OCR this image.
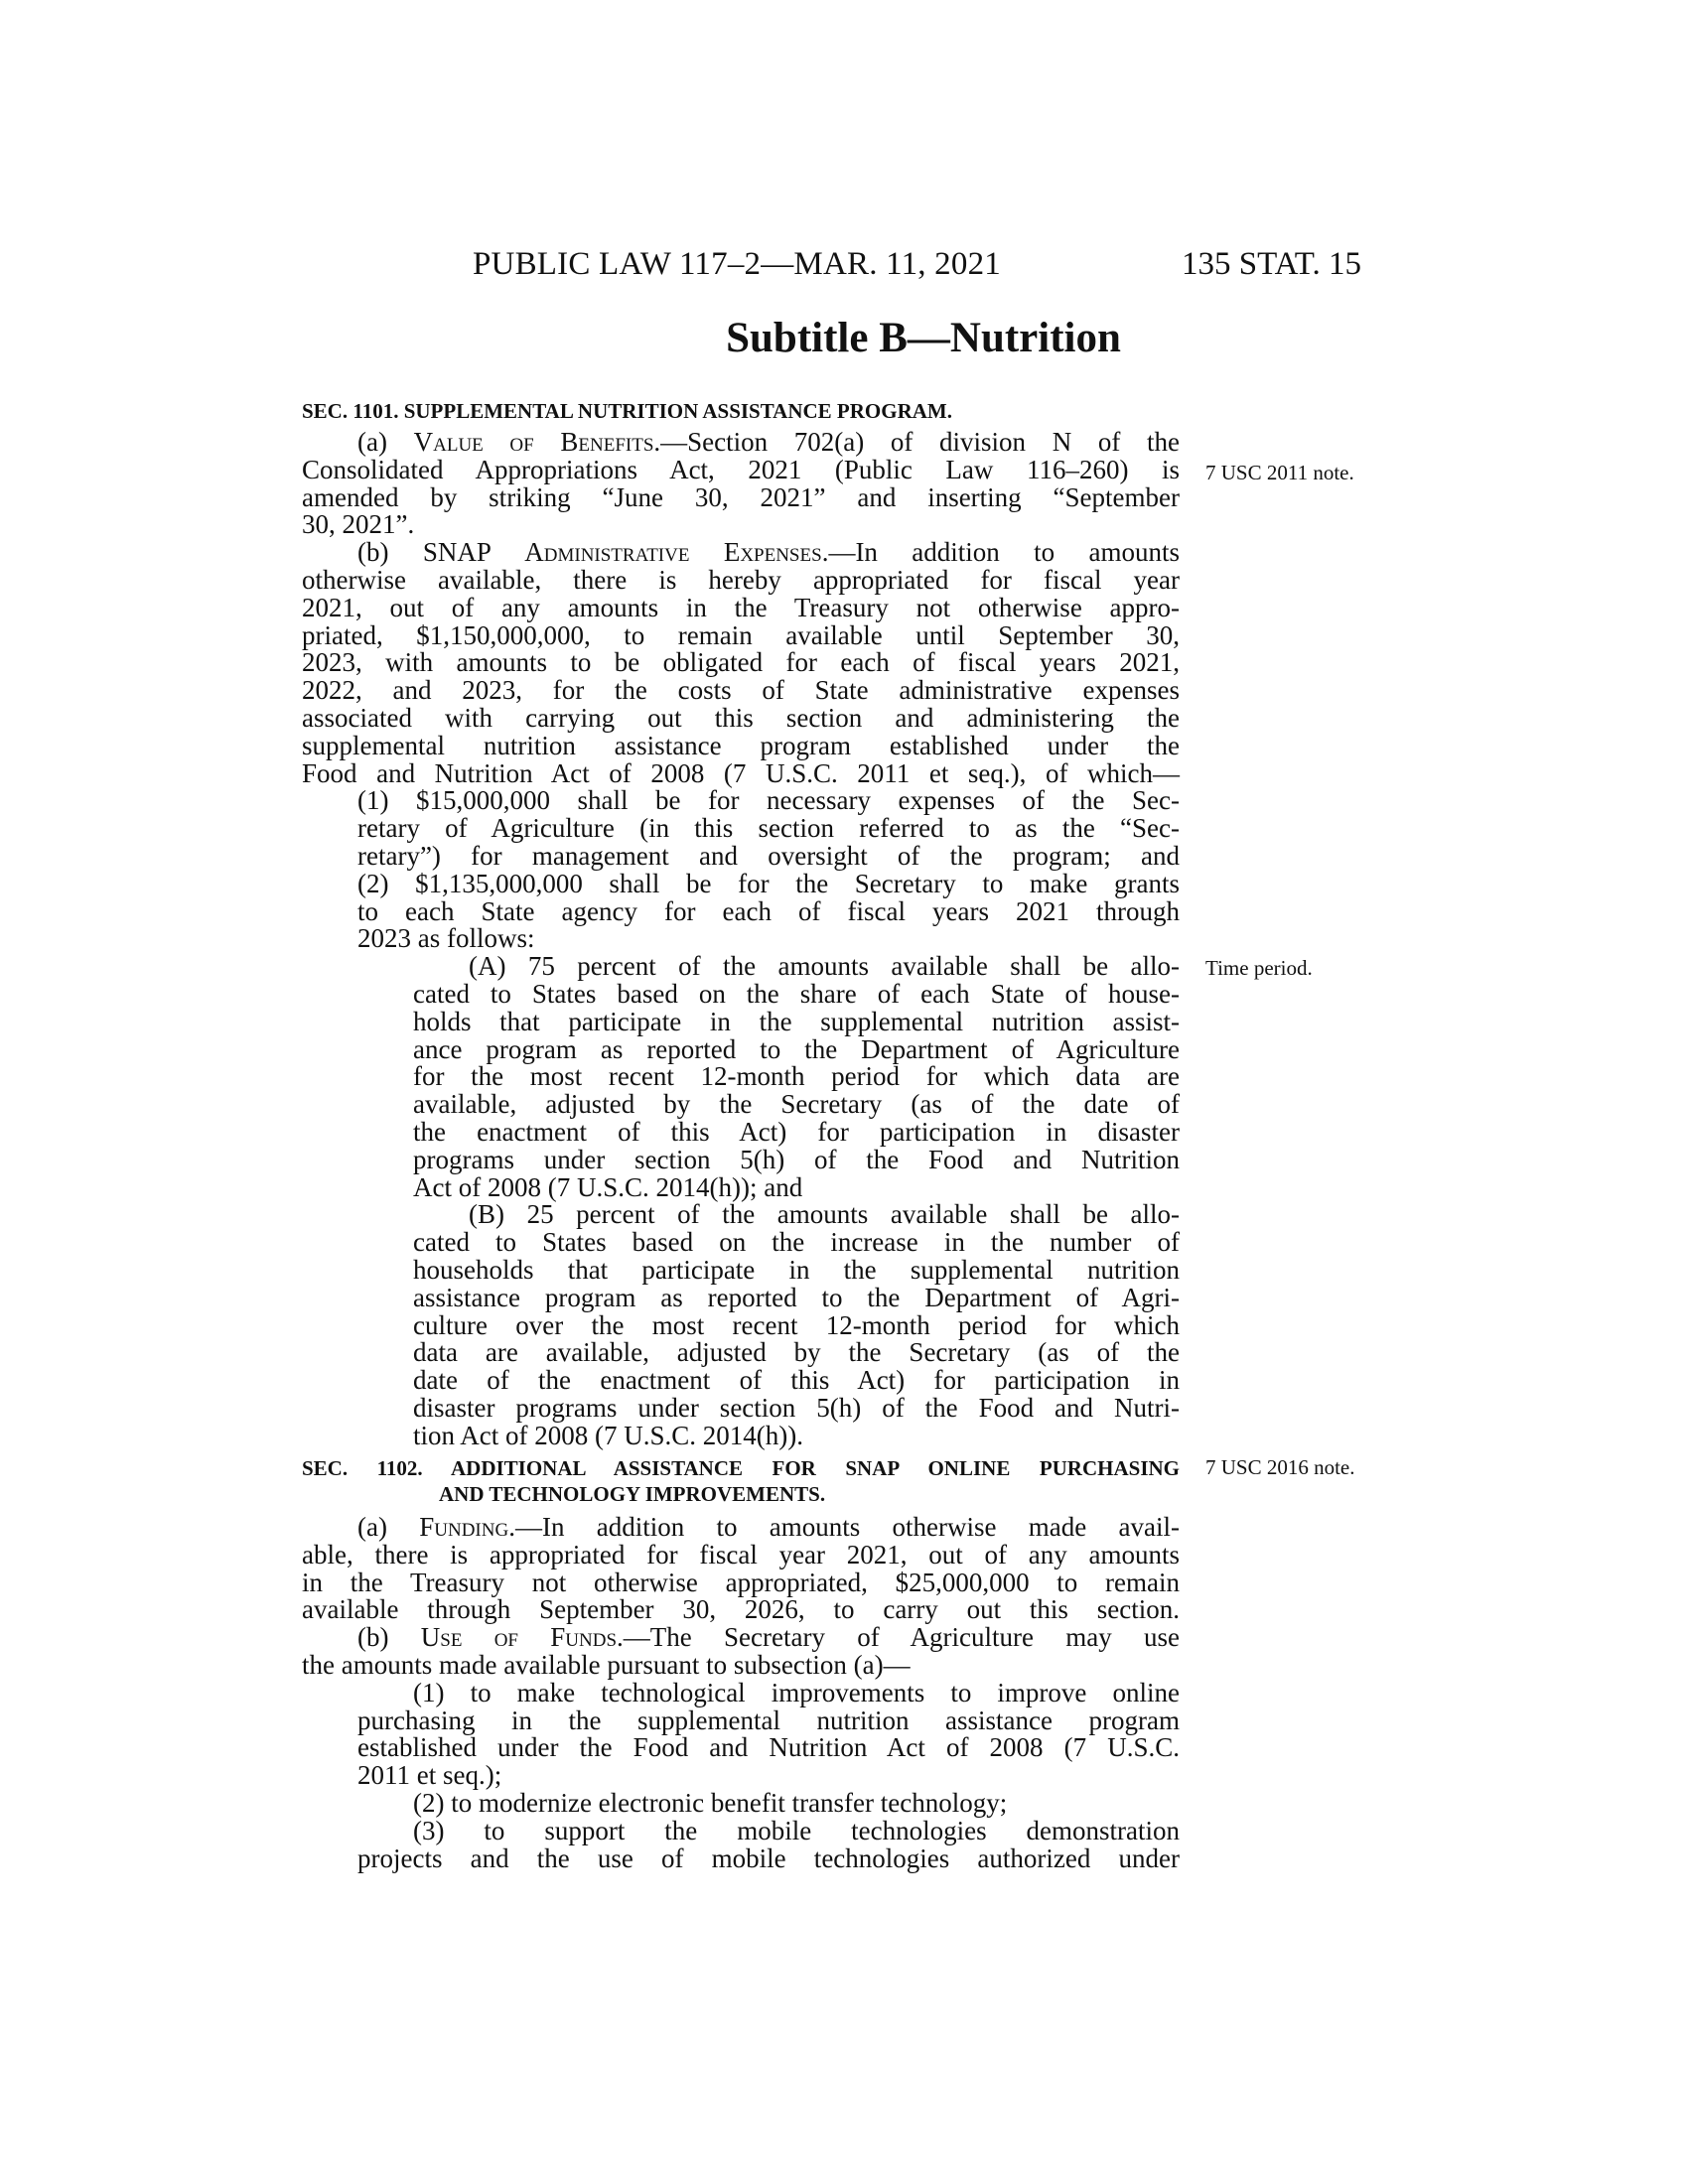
PUBLIC LAW 117–2—MAR. 11, 2021	135 STAT. 15
Subtitle B—Nutrition
SEC. 1101. SUPPLEMENTAL NUTRITION ASSISTANCE PROGRAM.
(a) Value of Benefits.—Section 702(a) of division N of the
Consolidated Appropriations Act, 2021 (Public Law 116–260) is
amended by striking “June 30, 2021” and inserting “September
30, 2021”.
(b) SNAP Administrative Expenses.—In addition to amounts
otherwise available, there is hereby appropriated for fiscal year
2021, out of any amounts in the Treasury not otherwise appro-
priated, $1,150,000,000, to remain available until September 30,
2023, with amounts to be obligated for each of fiscal years 2021,
2022, and 2023, for the costs of State administrative expenses
associated with carrying out this section and administering the
supplemental nutrition assistance program established under the
Food and Nutrition Act of 2008 (7 U.S.C. 2011 et seq.), of which—
(1) $15,000,000 shall be for necessary expenses of the Sec-
retary of Agriculture (in this section referred to as the “Sec-
retary”) for management and oversight of the program; and
(2) $1,135,000,000 shall be for the Secretary to make grants
to each State agency for each of fiscal years 2021 through
2023 as follows:
(A) 75 percent of the amounts available shall be allo-
cated to States based on the share of each State of house-
holds that participate in the supplemental nutrition assist-
ance program as reported to the Department of Agriculture
for the most recent 12-month period for which data are
available, adjusted by the Secretary (as of the date of
the enactment of this Act) for participation in disaster
programs under section 5(h) of the Food and Nutrition
Act of 2008 (7 U.S.C. 2014(h)); and
(B) 25 percent of the amounts available shall be allo-
cated to States based on the increase in the number of
households that participate in the supplemental nutrition
assistance program as reported to the Department of Agri-
culture over the most recent 12-month period for which
data are available, adjusted by the Secretary (as of the
date of the enactment of this Act) for participation in
disaster programs under section 5(h) of the Food and Nutri-
tion Act of 2008 (7 U.S.C. 2014(h)).
SEC. 1102. ADDITIONAL ASSISTANCE FOR SNAP ONLINE PURCHASING
AND TECHNOLOGY IMPROVEMENTS.
(a) Funding.—In addition to amounts otherwise made avail-
able, there is appropriated for fiscal year 2021, out of any amounts
in the Treasury not otherwise appropriated, $25,000,000 to remain
available through September 30, 2026, to carry out this section.
(b) Use of Funds.—The Secretary of Agriculture may use
the amounts made available pursuant to subsection (a)—
(1) to make technological improvements to improve online
purchasing in the supplemental nutrition assistance program
established under the Food and Nutrition Act of 2008 (7 U.S.C.
2011 et seq.);
(2) to modernize electronic benefit transfer technology;
(3) to support the mobile technologies demonstration
projects and the use of mobile technologies authorized under
7 USC 2011 note.
Time period.
7 USC 2016 note.
